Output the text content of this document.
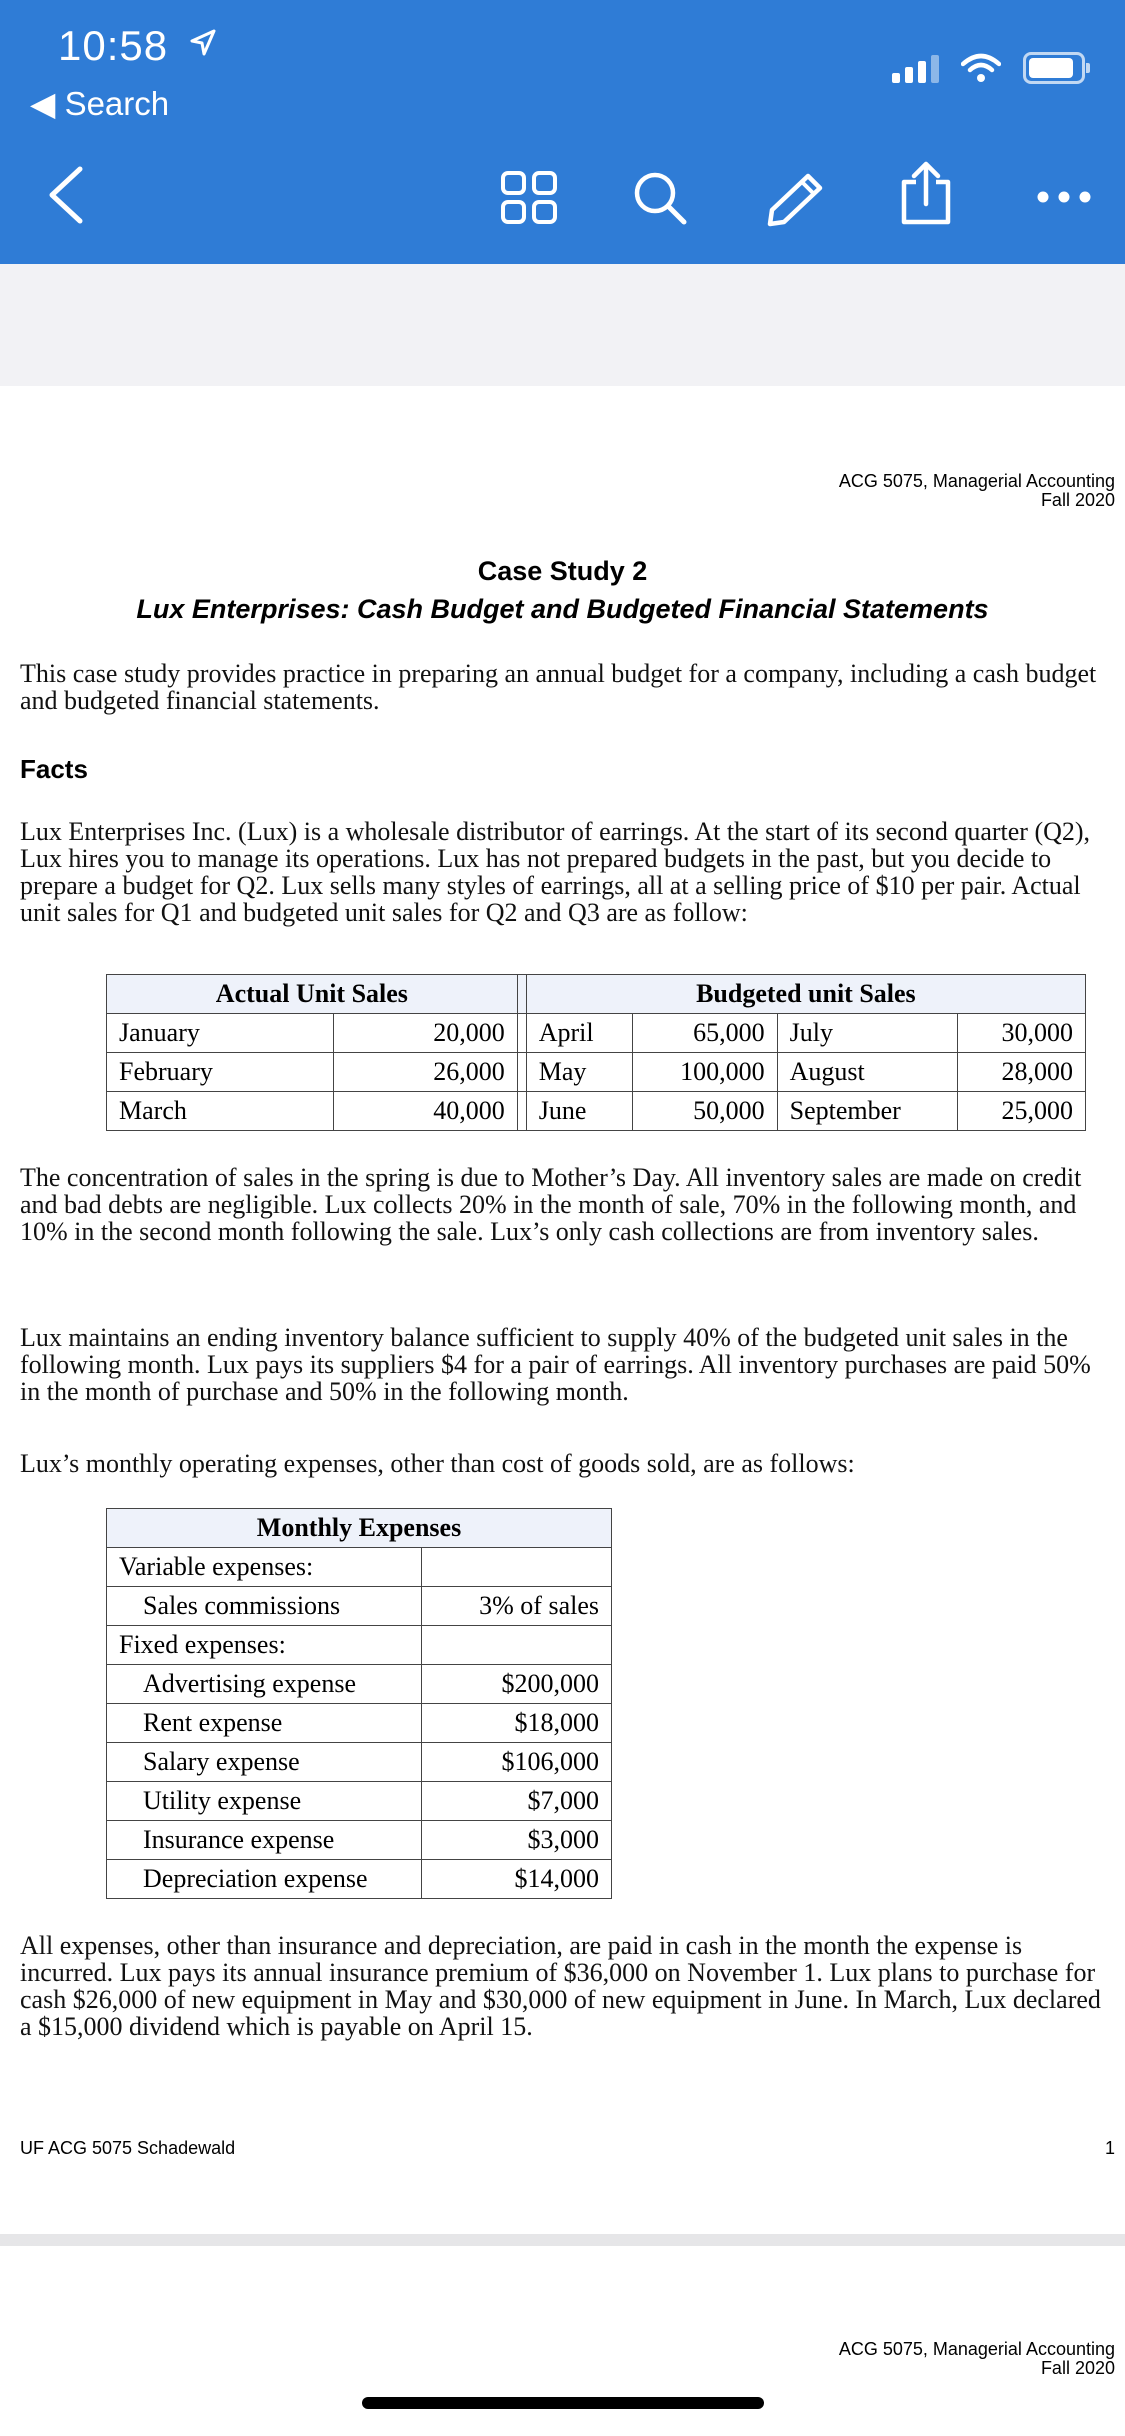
10:58
◀︎ Search
ACG 5075, Managerial Accounting
Fall 2020
Case Study 2
Lux Enterprises: Cash Budget and Budgeted Financial Statements
This case study provides practice in preparing an annual budget for a company, including a cash budget and budgeted financial statements.
Facts
Lux Enterprises Inc. (Lux) is a wholesale distributor of earrings. At the start of its second quarter (Q2), Lux hires you to manage its operations. Lux has not prepared budgets in the past, but you decide to prepare a budget for Q2. Lux sells many styles of earrings, all at a selling price of $10 per pair. Actual unit sales for Q1 and budgeted unit sales for Q2 and Q3 are as follow:
Actual Unit Sales			Budgeted unit Sales			
January	20,000		April	65,000	July	30,000
February	26,000		May	100,000	August	28,000
March	40,000		June	50,000	September	25,000
The concentration of sales in the spring is due to Mother’s Day. All inventory sales are made on credit and bad debts are negligible. Lux collects 20% in the month of sale, 70% in the following month, and 10% in the second month following the sale. Lux’s only cash collections are from inventory sales.
Lux maintains an ending inventory balance sufficient to supply 40% of the budgeted unit sales in the following month. Lux pays its suppliers $4 for a pair of earrings. All inventory purchases are paid 50% in the month of purchase and 50% in the following month.
Lux’s monthly operating expenses, other than cost of goods sold, are as follows:
Monthly Expenses	
Variable expenses:	
Sales commissions	3% of sales
Fixed expenses:	
Advertising expense	$200,000
Rent expense	$18,000
Salary expense	$106,000
Utility expense	$7,000
Insurance expense	$3,000
Depreciation expense	$14,000
All expenses, other than insurance and depreciation, are paid in cash in the month the expense is incurred. Lux pays its annual insurance premium of $36,000 on November 1. Lux plans to purchase for cash $26,000 of new equipment in May and $30,000 of new equipment in June. In March, Lux declared a $15,000 dividend which is payable on April 15.
UF ACG 5075 Schadewald	1
ACG 5075, Managerial Accounting
Fall 2020
